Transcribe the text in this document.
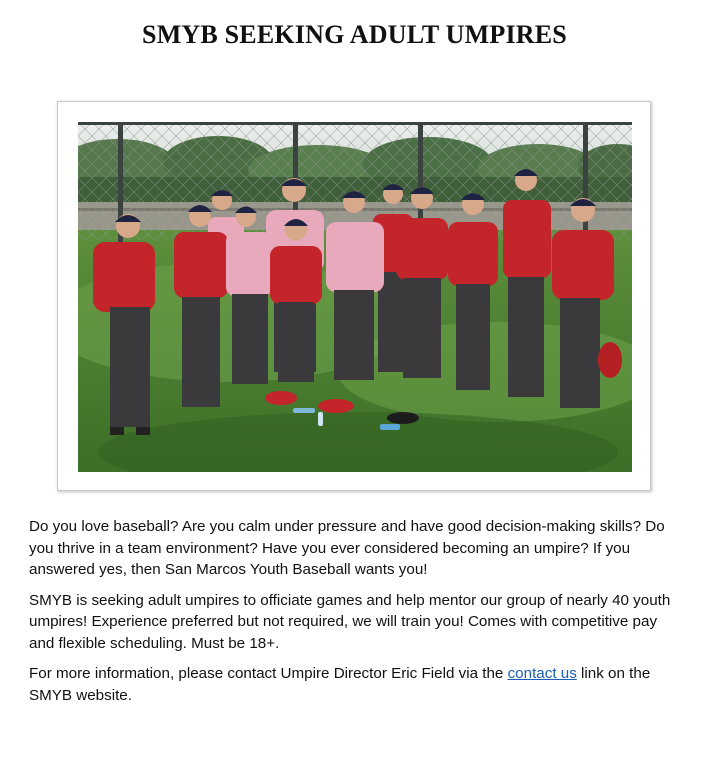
SMYB SEEKING ADULT UMPIRES

Do you love baseball? Are you calm under pressure and have good decision-making skills? Do you thrive in a team environment? Have you ever considered becoming an umpire? If you answered yes, then San Marcos Youth Baseball wants you!

SMYB is seeking adult umpires to officiate games and help mentor our group of nearly 40 youth umpires! Experience preferred but not required, we will train you! Comes with competitive pay and flexible scheduling. Must be 18+.

For more information, please contact Umpire Director Eric Field via the contact us link on the SMYB website.
